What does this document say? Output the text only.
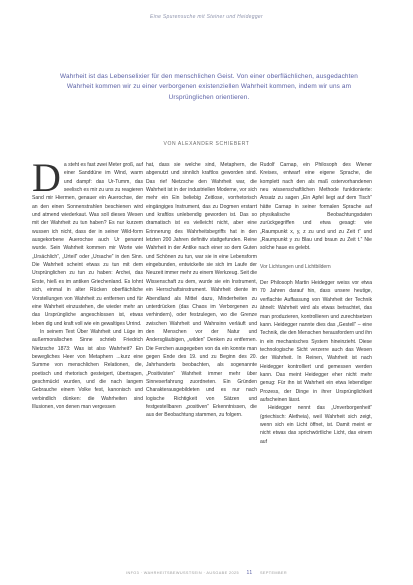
Eine Spurensuche mit Steiner und Heidegger
Wahrheit ist das Lebenselixier für den menschlichen Geist. Von einer oberflächlichen, ausgedachten Wahrheit kommen wir zu einer verborgenen existenziellen Wahrheit kommen, indem wir uns am Ursprünglichen orientieren.
VON ALEXANDER SCHIEBERT
D a steht es fast zwei Meter groß, auf einer Sanddüne im Wind, warm und dampf: das Ur-Tumm, das seelisch es mir zu uns zu reagieren Sand mir Hiermen, genauer ein Auerochse, der an den einen Sonnenstrahlen beschienen wird und atmend wiederkaut. Was soll dieses Wesen mit der Wahrheit zu tun haben? Es nur kurzem wussen ich nicht, dass der in seiner Wild-form ausgekorbene Auerochse auch Ur genannt wurde. Sein Wahrheit kommen mir Worte wie „Ursächlich“, „Urteil“ oder „Ursache“ in den Sinn. Die Wahrheit scheint etwas zu tun mit dem Ursprünglichen zu tun zu haben: Archei, das Erste, hieß es im antiken Griechenland. Es lohnt sich, einmal in alter Rücken oberflächliche Vorstellungen von Wahrheit zu entfernen und für eine Wahrheit einzustehen, die wieder mehr an das Ursprüngliche angeschlossen ist, etwas leben dig und kraft voll wie ein gewaltiges Urrind.

In seinem Text Über Wahrheit und Lüge im außermoralischen Sinne schrieb Friedrich Nietzsche 1873: Was ist also Wahrheit? Ein bewegliches Heer von Metaphern ...kurz eine Summe von menschlichen Relationen, die, poetisch und rhetorisch gesteigert, übertragen, geschmückt wurden, und die nach langem Gebrauche einem Volke fest, kanonisch und verbindlich dünken: die Wahrheiten sind Illusionen, von denen man vergessen

hat, dass sie welche sind, Metaphern, die abgenutzt und sinnlich kraftlos geworden sind. Das rief Nietzsche den Wahrheit war, die Wahrheit ist in der industriellen Moderne, vor sich mehr ein Ein beliebig Zeitlose, vorrhetorisch eingängiges Instrument, das zu Dogmen erstarrt und kraftlos unlebendig geworden ist. Das so dramatisch ist es vielleicht nicht, aber eine Erinnerung des Wahrheitsbegriffs hat in den letzten 200 Jahren definitiv stattgefunden. Reine Wahrheit in der Antike nach einer so dem Guten und Schönen zu tun, war sie in eine Lebensform eingebunden, entwickelte sie sich im Laufe der Neuzeit immer mehr zu einem Werkzeug. Seit die Wissenschaft zu dem, wurde sie ein Instrument, ein Herrschaftsinstrument. Wahrheit diente im Abendland als Mittel dazu, Minderheiten zu unterdrücken (das Chaos im Verborgenen zu verhindern), oder festzulegen, wo die Grenze zwischen Wahrheit und Wahnsinn verläuft und den Menschen vor der Natur und Andersgläubigen, „wilden“ Denken zu entfernen. Die Ferchen ausgegeben von da ein konnte man gegen Ende des 19. und zu Beginn des 20. Jahrhunderts beobachten, als sogenannte „Positivisten“ Wahrheit immer mehr über Sinneserfahrung zuordneten. Ein Gründen Charakterausgebildeten und es nur nach logische Richtigkeit von Sätzen und festgestellbaren „positiven“ Erkenntnissen, die aus der Beobachtung stammen, zu folgern.

Rudolf Carnap, ein Philosoph des Wiener Kreises, entwarf eine eigene Sprache, die komplett nach den als maß ostervorhandenen neu wissenschaftlichen Methode funktionierte: Ansatz zu sagen „Ein Apfel liegt auf dem Tisch“ hätte Carnap in seiner formalen Sprache auf physikalische Beobachtungsdaten zurückgegriffen und etwa gesagt: wie „Raumpunkt x, y, z zu und und zu Zeit t“ und „Raumpunkt y zu Blau und braun zu Zeit t.“ Nie solche haue es gelebt.

Vor Lichtungen und Lichtbildern

Der Philosoph Martin Heidegger weiss vor etwa 70 Jahren darauf hin, dass unsere heutige, verflachte Auffassung von Wahrheit der Technik ähnelt: Wahrheit wird als etwas betrachtet, das man produzieren, kontrollieren und zurechtsetzen kann. Heidegger nannte dies das „Gestell“ – eine Technik, die den Menschen herausfordern und ihn in ein mechanisches System hineinzieht. Diese technologische Sicht verzerre auch das Wesen der Wahrheit. In Reinen, Wahrheit ist nach Heidegger kontrolliert und gemessen werden kann. Das meint Heidegger eher nicht mehr genug: Für ihn ist Wahrheit ein etwa lebendiger Prozess, der Dinge in ihrer Ursprünglichkeit aufscheinen lässt.

Heidegger nennt das „Unverborgenheit“ (griechisch: Aletheia), weil Wahrheit sich zeigt, wenn sich ein Licht öffnet, ist. Damit meint er nicht etwas das sprichwörtliche Licht, das einem auf

INFO3 · WAHRHEITSBEWUSSTSEIN · AUSGABE 2025 11 SEPTEMBER
